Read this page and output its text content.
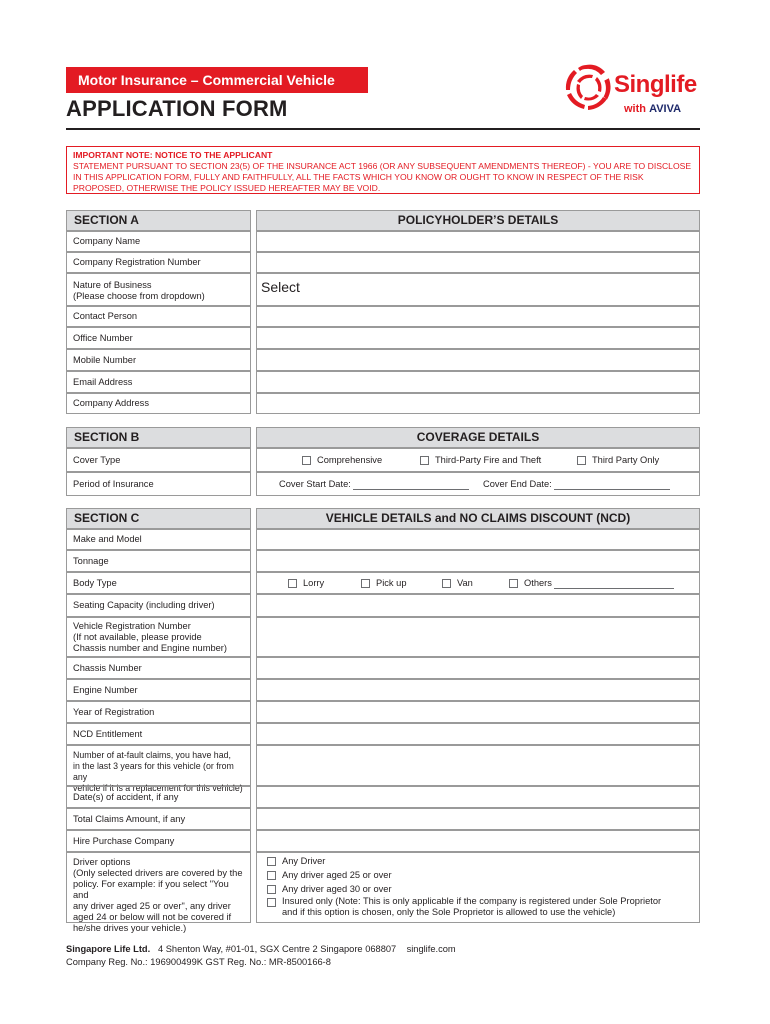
Motor Insurance – Commercial Vehicle
APPLICATION FORM
Singlife
with AVIVA
IMPORTANT NOTE: NOTICE TO THE APPLICANT
STATEMENT PURSUANT TO SECTION 23(5) OF THE INSURANCE ACT 1966 (OR ANY SUBSEQUENT AMENDMENTS THEREOF) - YOU ARE TO DISCLOSE IN THIS APPLICATION FORM, FULLY AND FAITHFULLY, ALL THE FACTS WHICH YOU KNOW OR OUGHT TO KNOW IN RESPECT OF THE RISK PROPOSED, OTHERWISE THE POLICY ISSUED HEREAFTER MAY BE VOID.
SECTION A	POLICYHOLDER’S DETAILS
Company Name
Company Registration Number
Nature of Business
(Please choose from dropdown)
Select
Contact Person
Office Number
Mobile Number
Email Address
Company Address
SECTION B	COVERAGE DETAILS
Cover Type	Comprehensive	Third-Party Fire and Theft	Third Party Only
Period of Insurance	Cover Start Date:	Cover End Date:
SECTION C	VEHICLE DETAILS and NO CLAIMS DISCOUNT (NCD)
Make and Model
Tonnage
Body Type	Lorry	Pick up	Van	Others
Seating Capacity (including driver)
Vehicle Registration Number
(If not available, please provide
Chassis number and Engine number)
Chassis Number
Engine Number
Year of Registration
NCD Entitlement
Number of at-fault claims, you have had,
in the last 3 years for this vehicle (or from any
vehicle if it is a replacement for this vehicle)
Date(s) of accident, if any
Total Claims Amount, if any
Hire Purchase Company
Driver options
(Only selected drivers are covered by the
policy. For example: if you select "You and
any driver aged 25 or over", any driver
aged 24 or below will not be covered if
he/she drives your vehicle.)
Any Driver
Any driver aged 25 or over
Any driver aged 30 or over
Insured only (Note: This is only applicable if the company is registered under Sole Proprietor
and if this option is chosen, only the Sole Proprietor is allowed to use the vehicle)
Singapore Life Ltd. 4 Shenton Way, #01-01, SGX Centre 2 Singapore 068807 singlife.com
Company Reg. No.: 196900499K GST Reg. No.: MR-8500166-8
